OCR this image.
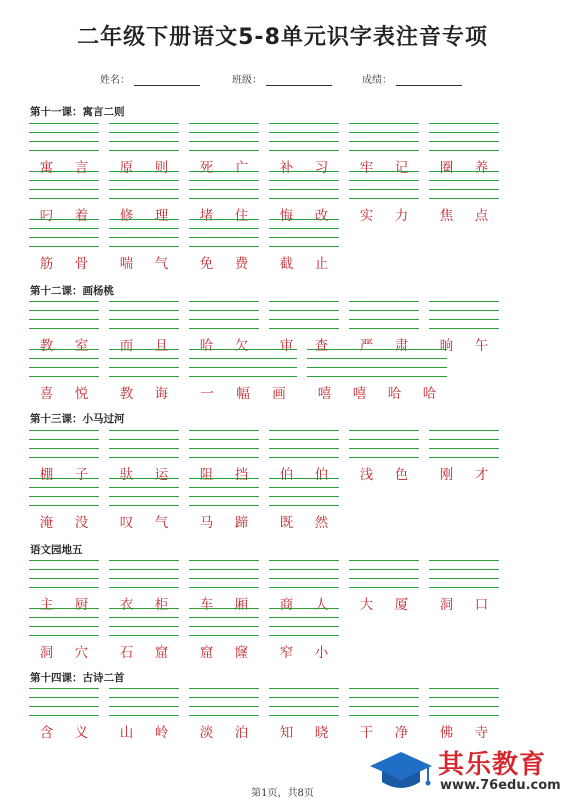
二年级下册语文5-8单元识字表注音专项
姓名：	班级：	成绩：
第十一课：寓言二则
寓 言 原 则 死 亡 补 习 牢 记 圈 养
叼 着 修 理 堵 住 悔 改 实 力 焦 点
筋 骨 喘 气 免 费 截 止
第十二课：画杨桃
教 室 而 且 哈 欠 审 查 严 肃 晌 午
喜 悦 教 诲 一 幅 画 嘻 嘻 哈 哈
第十三课：小马过河
棚 子 驮 运 阻 挡 伯 伯 浅 色 刚 才
淹 没 叹 气 马 蹄 既 然
语文园地五
主 厨 衣 柜 车 厢 商 人 大 厦 洞 口
洞 穴 石 窟 窟 窿 窄 小
第十四课：古诗二首
含 义 山 岭 淡 泊 知 晓 干 净 佛 寺
第1页，共8页
其乐教育
www.76edu.com
